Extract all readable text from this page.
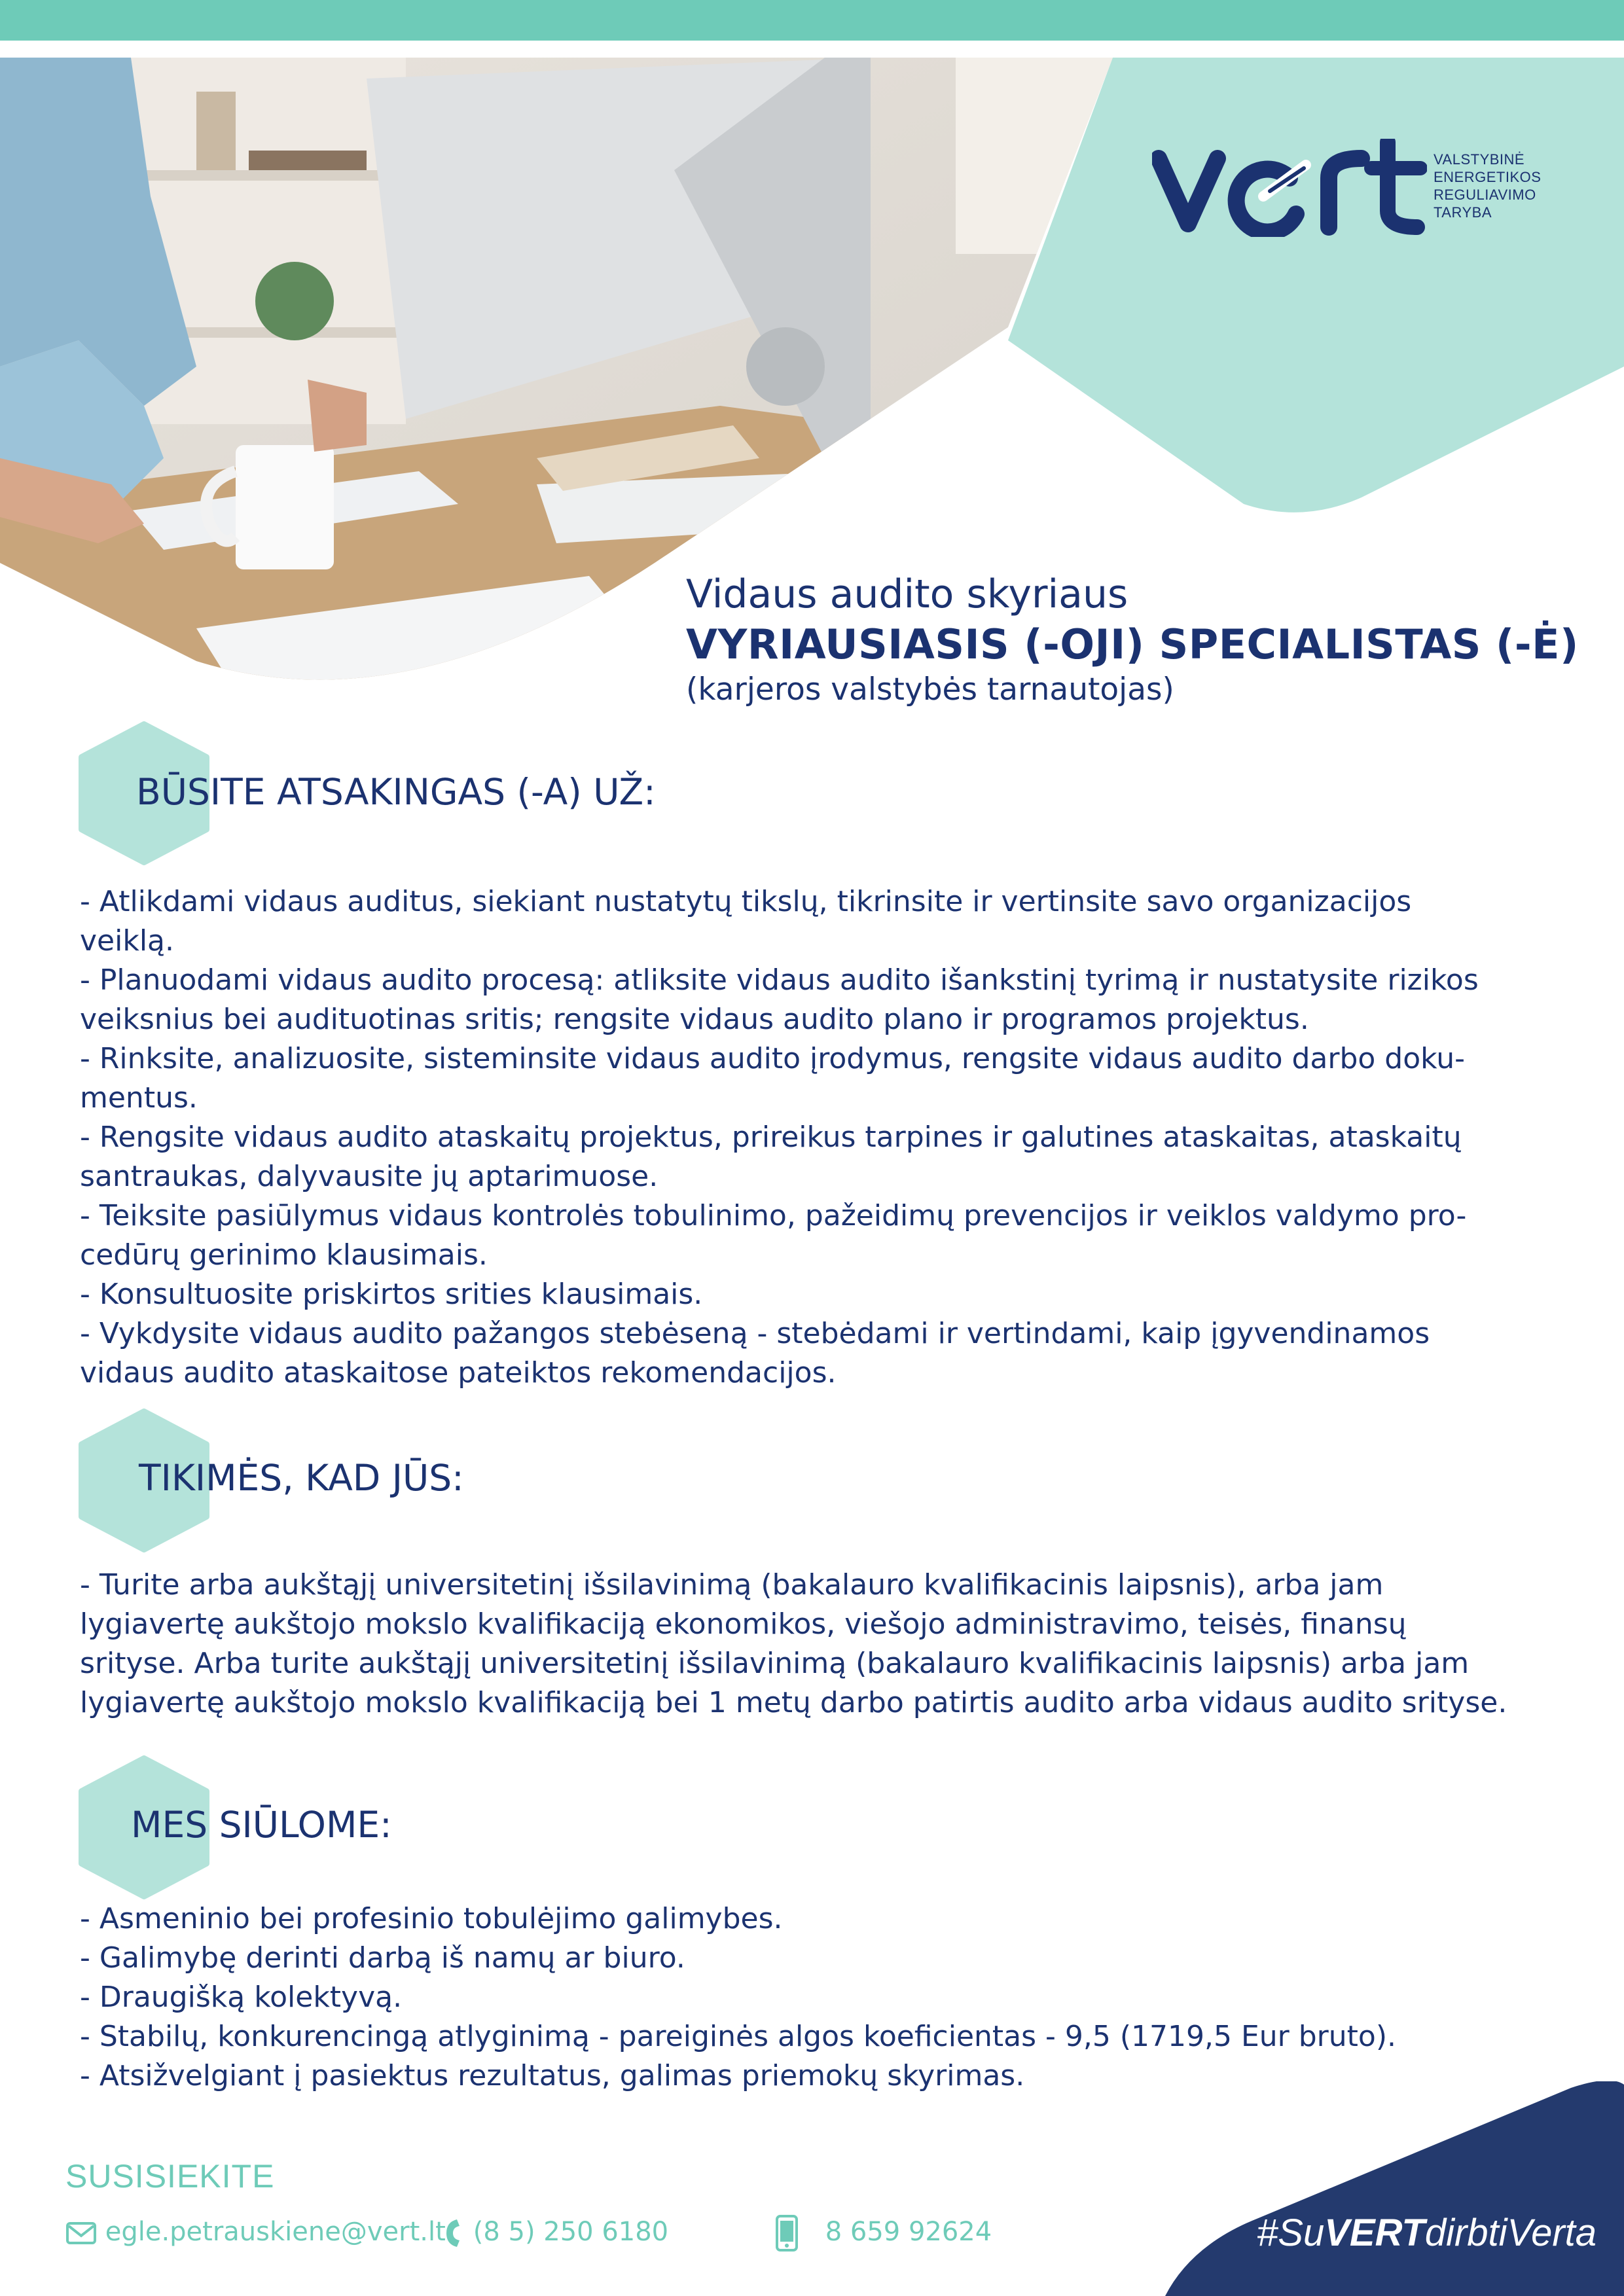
VALSTYBINĖ
ENERGETIKOS
REGULIAVIMO
TARYBA
Vidaus audito skyriaus
VYRIAUSIASIS (-OJI) SPECIALISTAS (-Ė)
(karjeros valstybės tarnautojas)
BŪSITE ATSAKINGAS (-A) UŽ:
- Atlikdami vidaus auditus, siekiant nustatytų tikslų, tikrinsite ir vertinsite savo organizacijos
veiklą.
- Planuodami vidaus audito procesą: atliksite vidaus audito išankstinį tyrimą ir nustatysite rizikos
veiksnius bei audituotinas sritis; rengsite vidaus audito plano ir programos projektus.
- Rinksite, analizuosite, sisteminsite vidaus audito įrodymus, rengsite vidaus audito darbo doku-
mentus.
- Rengsite vidaus audito ataskaitų projektus, prireikus tarpines ir galutines ataskaitas, ataskaitų
santraukas, dalyvausite jų aptarimuose.
- Teiksite pasiūlymus vidaus kontrolės tobulinimo, pažeidimų prevencijos ir veiklos valdymo pro-
cedūrų gerinimo klausimais.
- Konsultuosite priskirtos srities klausimais.
- Vykdysite vidaus audito pažangos stebėseną - stebėdami ir vertindami, kaip įgyvendinamos
vidaus audito ataskaitose pateiktos rekomendacijos.
TIKIMĖS, KAD JŪS:
- Turite arba aukštąjį universitetinį išsilavinimą (bakalauro kvalifikacinis laipsnis), arba jam
lygiavertę aukštojo mokslo kvalifikaciją ekonomikos, viešojo administravimo, teisės, finansų
srityse. Arba turite aukštąjį universitetinį išsilavinimą (bakalauro kvalifikacinis laipsnis) arba jam
lygiavertę aukštojo mokslo kvalifikaciją bei 1 metų darbo patirtis audito arba vidaus audito srityse.
MES SIŪLOME:
- Asmeninio bei profesinio tobulėjimo galimybes.
- Galimybę derinti darbą iš namų ar biuro.
- Draugišką kolektyvą.
- Stabilų, konkurencingą atlyginimą - pareiginės algos koeficientas - 9,5 (1719,5 Eur bruto).
- Atsižvelgiant į pasiektus rezultatus, galimas priemokų skyrimas.
SUSISIEKITE
egle.petrauskiene@vert.lt	(8 5) 250 6180	8 659 92624	#SuVERTdirbtiVerta
